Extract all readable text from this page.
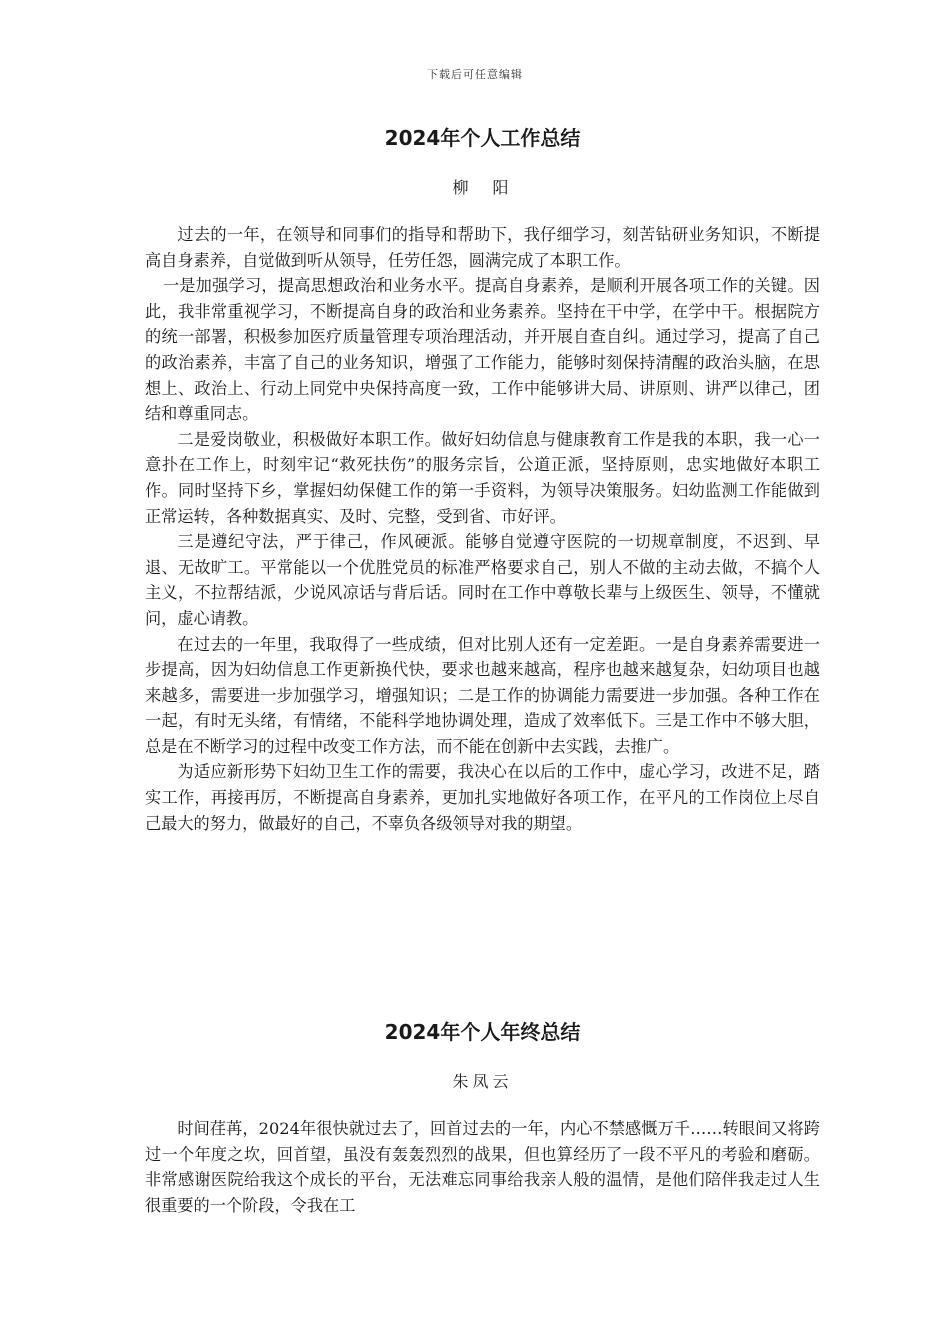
下载后可任意编辑
2024年个人工作总结
柳　阳

过去的一年，在领导和同事们的指导和帮助下，我仔细学习，刻苦钻研业务知识，不断提高自身素养，自觉做到听从领导，任劳任怨，圆满完成了本职工作。

一是加强学习，提高思想政治和业务水平。提高自身素养，是顺利开展各项工作的关键。因此，我非常重视学习，不断提高自身的政治和业务素养。坚持在干中学，在学中干。根据院方的统一部署，积极参加医疗质量管理专项治理活动，并开展自查自纠。通过学习，提高了自己的政治素养，丰富了自己的业务知识，增强了工作能力，能够时刻保持清醒的政治头脑，在思想上、政治上、行动上同党中央保持高度一致，工作中能够讲大局、讲原则、讲严以律己，团结和尊重同志。

二是爱岗敬业，积极做好本职工作。做好妇幼信息与健康教育工作是我的本职，我一心一意扑在工作上，时刻牢记“救死扶伤”的服务宗旨，公道正派，坚持原则，忠实地做好本职工作。同时坚持下乡，掌握妇幼保健工作的第一手资料，为领导决策服务。妇幼监测工作能做到正常运转，各种数据真实、及时、完整，受到省、市好评。

三是遵纪守法，严于律己，作风硬派。能够自觉遵守医院的一切规章制度，不迟到、早退、无故旷工。平常能以一个优胜党员的标准严格要求自己，别人不做的主动去做，不搞个人主义，不拉帮结派，少说风凉话与背后话。同时在工作中尊敬长辈与上级医生、领导，不懂就问，虚心请教。

在过去的一年里，我取得了一些成绩，但对比别人还有一定差距。一是自身素养需要进一步提高，因为妇幼信息工作更新换代快，要求也越来越高，程序也越来越复杂，妇幼项目也越来越多，需要进一步加强学习，增强知识；二是工作的协调能力需要进一步加强。各种工作在一起，有时无头绪，有情绪，不能科学地协调处理，造成了效率低下。三是工作中不够大胆，总是在不断学习的过程中改变工作方法，而不能在创新中去实践，去推广。

为适应新形势下妇幼卫生工作的需要，我决心在以后的工作中，虚心学习，改进不足，踏实工作，再接再厉，不断提高自身素养，更加扎实地做好各项工作，在平凡的工作岗位上尽自己最大的努力，做最好的自己，不辜负各级领导对我的期望。

2024年个人年终总结
朱凤云

时间荏苒，2024年很快就过去了，回首过去的一年，内心不禁感慨万千……转眼间又将跨过一个年度之坎，回首望，虽没有轰轰烈烈的战果，但也算经历了一段不平凡的考验和磨砺。非常感谢医院给我这个成长的平台，无法难忘同事给我亲人般的温情，是他们陪伴我走过人生很重要的一个阶段，令我在工
